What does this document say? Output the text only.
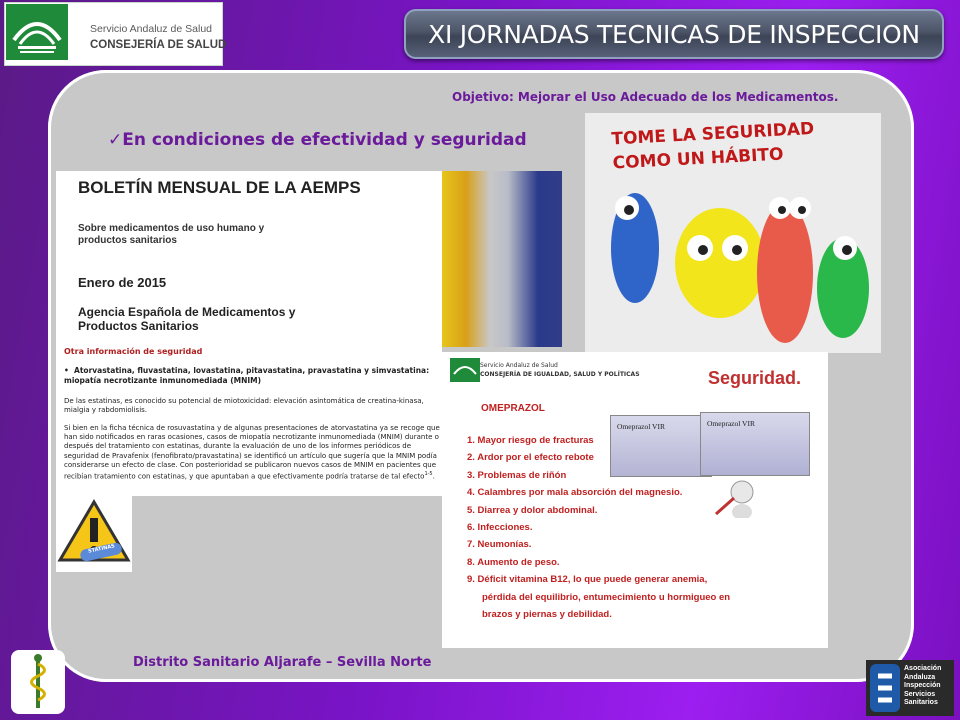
Servicio Andaluz de Salud
CONSEJERÍA DE SALUD	XI JORNADAS TECNICAS DE INSPECCION
Objetivo: Mejorar el Uso Adecuado de los Medicamentos.
✓En condiciones de efectividad y seguridad
BOLETÍN MENSUAL DE LA AEMPS
Sobre medicamentos de uso humano y productos sanitarios
Enero de 2015
Agencia Española de Medicamentos y Productos Sanitarios
Otra información de seguridad
•  Atorvastatina, fluvastatina, lovastatina, pitavastatina, pravastatina y simvastatina: miopatía necrotizante inmunomediada (MNIM)
De las estatinas, es conocido su potencial de miotoxicidad: elevación asintomática de creatina-kinasa, mialgia y rabdomiolisis.
Si bien en la ficha técnica de rosuvastatina y de algunas presentaciones de atorvastatina ya se recoge que han sido notificados en raras ocasiones, casos de miopatía necrotizante inmunomediada (MNIM) durante o después del tratamiento con estatinas, durante la evaluación de uno de los informes periódicos de seguridad de Pravafenix (fenofibrato/pravastatina) se identificó un artículo que sugería que la MNIM podía considerarse un efecto de clase. Con posterioridad se publicaron nuevos casos de MNIM en pacientes que recibían tratamiento con estatinas, y que apuntaban a que efectivamente podría tratarse de tal efecto$^{1-5}$.
STATINAS
TOME LA SEGURIDAD
COMO UN HÁBITO
Servicio Andaluz de Salud
CONSEJERÍA DE IGUALDAD, SALUD Y POLÍTICAS	Seguridad.
OMEPRAZOL
Omeprazol VIR	Omeprazol VIR
1. Mayor riesgo de fracturas
2. Ardor por el efecto rebote
3. Problemas de riñón
4. Calambres por mala absorción del magnesio.
5. Diarrea y dolor abdominal.
6. Infecciones.
7. Neumonías.
8. Aumento de peso.
9. Déficit vitamina B12, lo que puede generar anemia,
pérdida del equilibrio, entumecimiento u hormigueo en
brazos y piernas y debilidad.
Distrito Sanitario Aljarafe – Sevilla Norte	Asociación
Andaluza
Inspección
Servicios
Sanitarios
